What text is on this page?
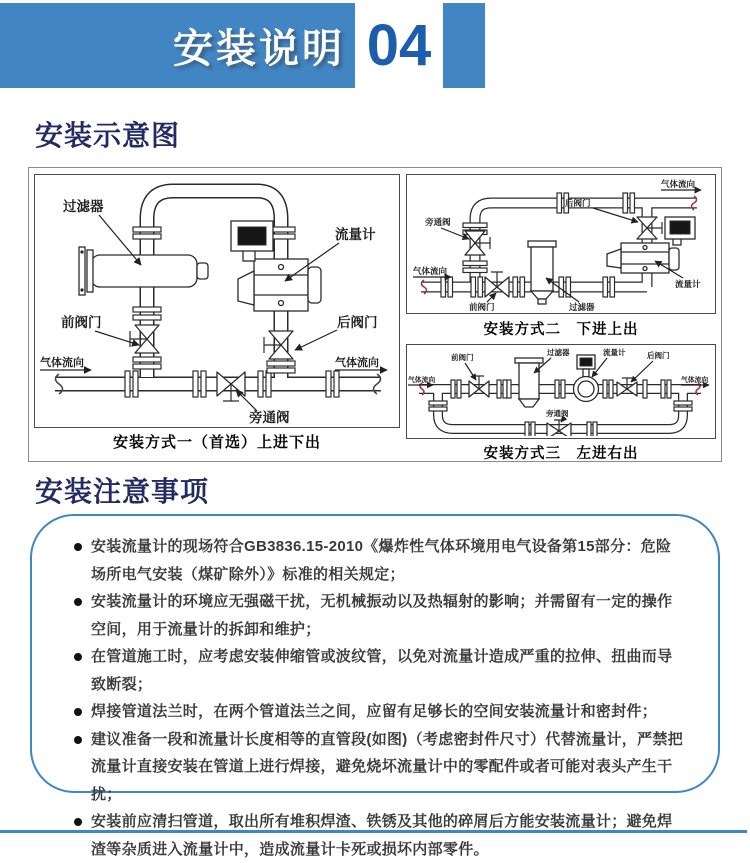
安装说明 04
安装示意图
过滤器
流量计
前阀门	后阀门
旁通阀
气体流向	气体流向
安装方式一（首选）上进下出
旁通阀
后阀门
流量计
前阀门	过滤器
气体流向
气体流向
安装方式二　下进上出
前阀门
过滤器	流量计	后阀门
旁通阀
气体流向	气体流向
安装方式三　左进右出
安装注意事项
安装流量计的现场符合GB3836.15-2010《爆炸性气体环境用电气设备第15部分：危险场所电气安装（煤矿除外）》标准的相关规定；
安装流量计的环境应无强磁干扰，无机械振动以及热辐射的影响；并需留有一定的操作空间，用于流量计的拆卸和维护；
在管道施工时，应考虑安装伸缩管或波纹管，以免对流量计造成严重的拉伸、扭曲而导致断裂；
焊接管道法兰时，在两个管道法兰之间，应留有足够长的空间安装流量计和密封件；
建议准备一段和流量计长度相等的直管段(如图)（考虑密封件尺寸）代替流量计，严禁把流量计直接安装在管道上进行焊接，避免烧坏流量计中的零配件或者可能对表头产生干扰；
安装前应清扫管道，取出所有堆积焊渣、铁锈及其他的碎屑后方能安装流量计；避免焊渣等杂质进入流量计中，造成流量计卡死或损坏内部零件。
